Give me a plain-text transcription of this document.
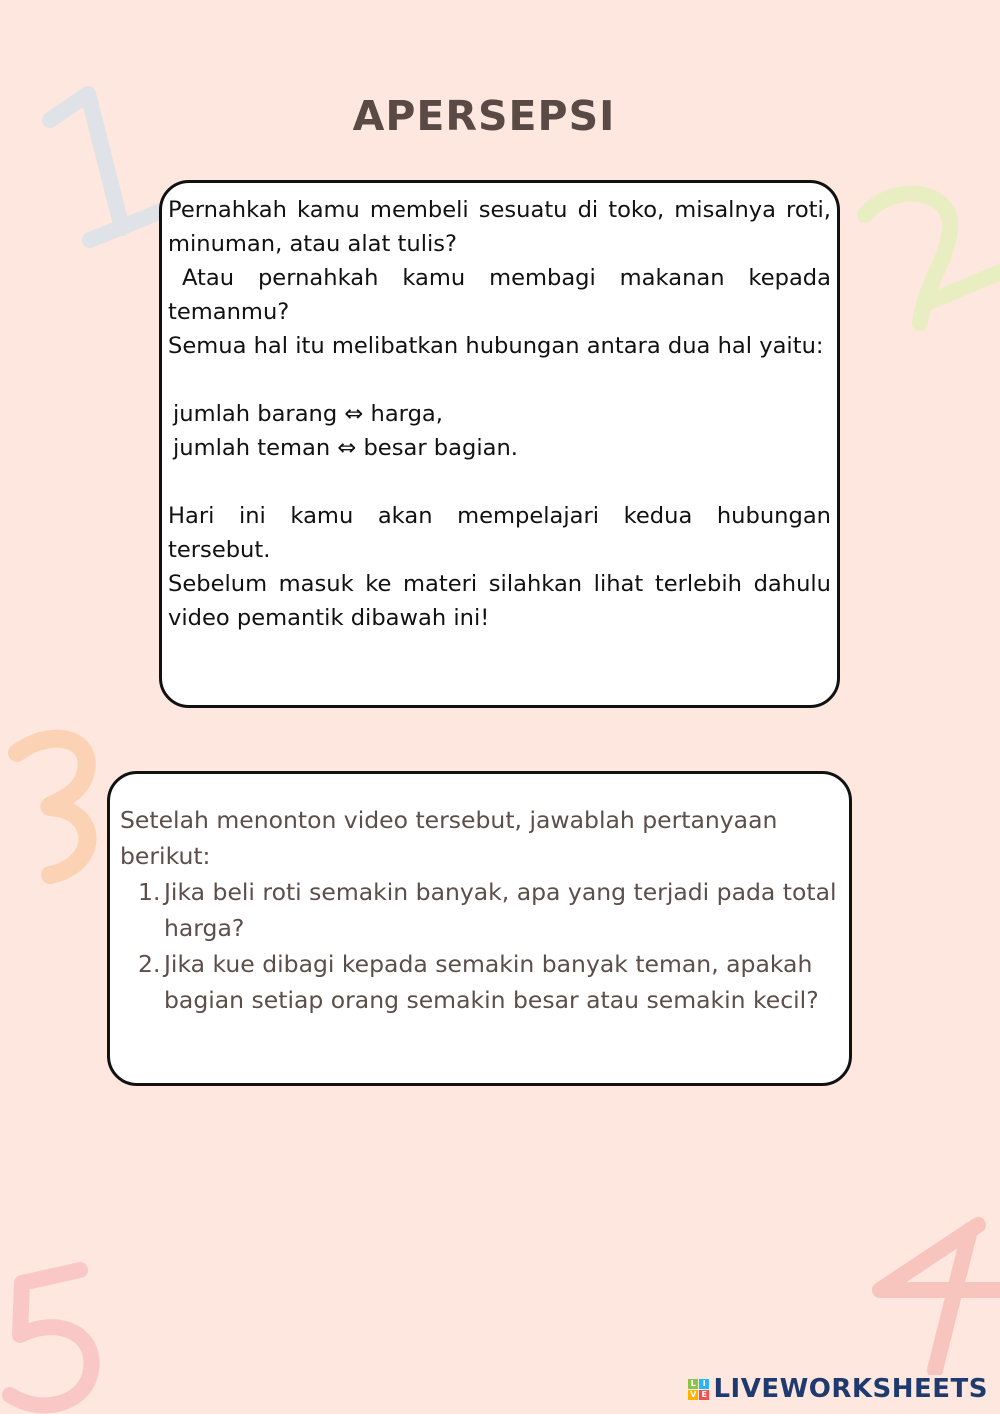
APERSEPSI

Pernahkah kamu membeli sesuatu di toko, misalnya roti, minuman, atau alat tulis?

Atau pernahkah kamu membagi makanan kepada temanmu?

Semua hal itu melibatkan hubungan antara dua hal yaitu:

jumlah barang ⇔ harga,

jumlah teman ⇔ besar bagian.

Hari ini kamu akan mempelajari kedua hubungan tersebut.

Sebelum masuk ke materi silahkan lihat terlebih dahulu video pemantik dibawah ini!

Setelah menonton video tersebut, jawablah pertanyaan berikut:

1. Jika beli roti semakin banyak, apa yang terjadi pada total harga?
2. Jika kue dibagi kepada semakin banyak teman, apakah bagian setiap orang semakin besar atau semakin kecil?
L I
V E LIVEWORKSHEETS
